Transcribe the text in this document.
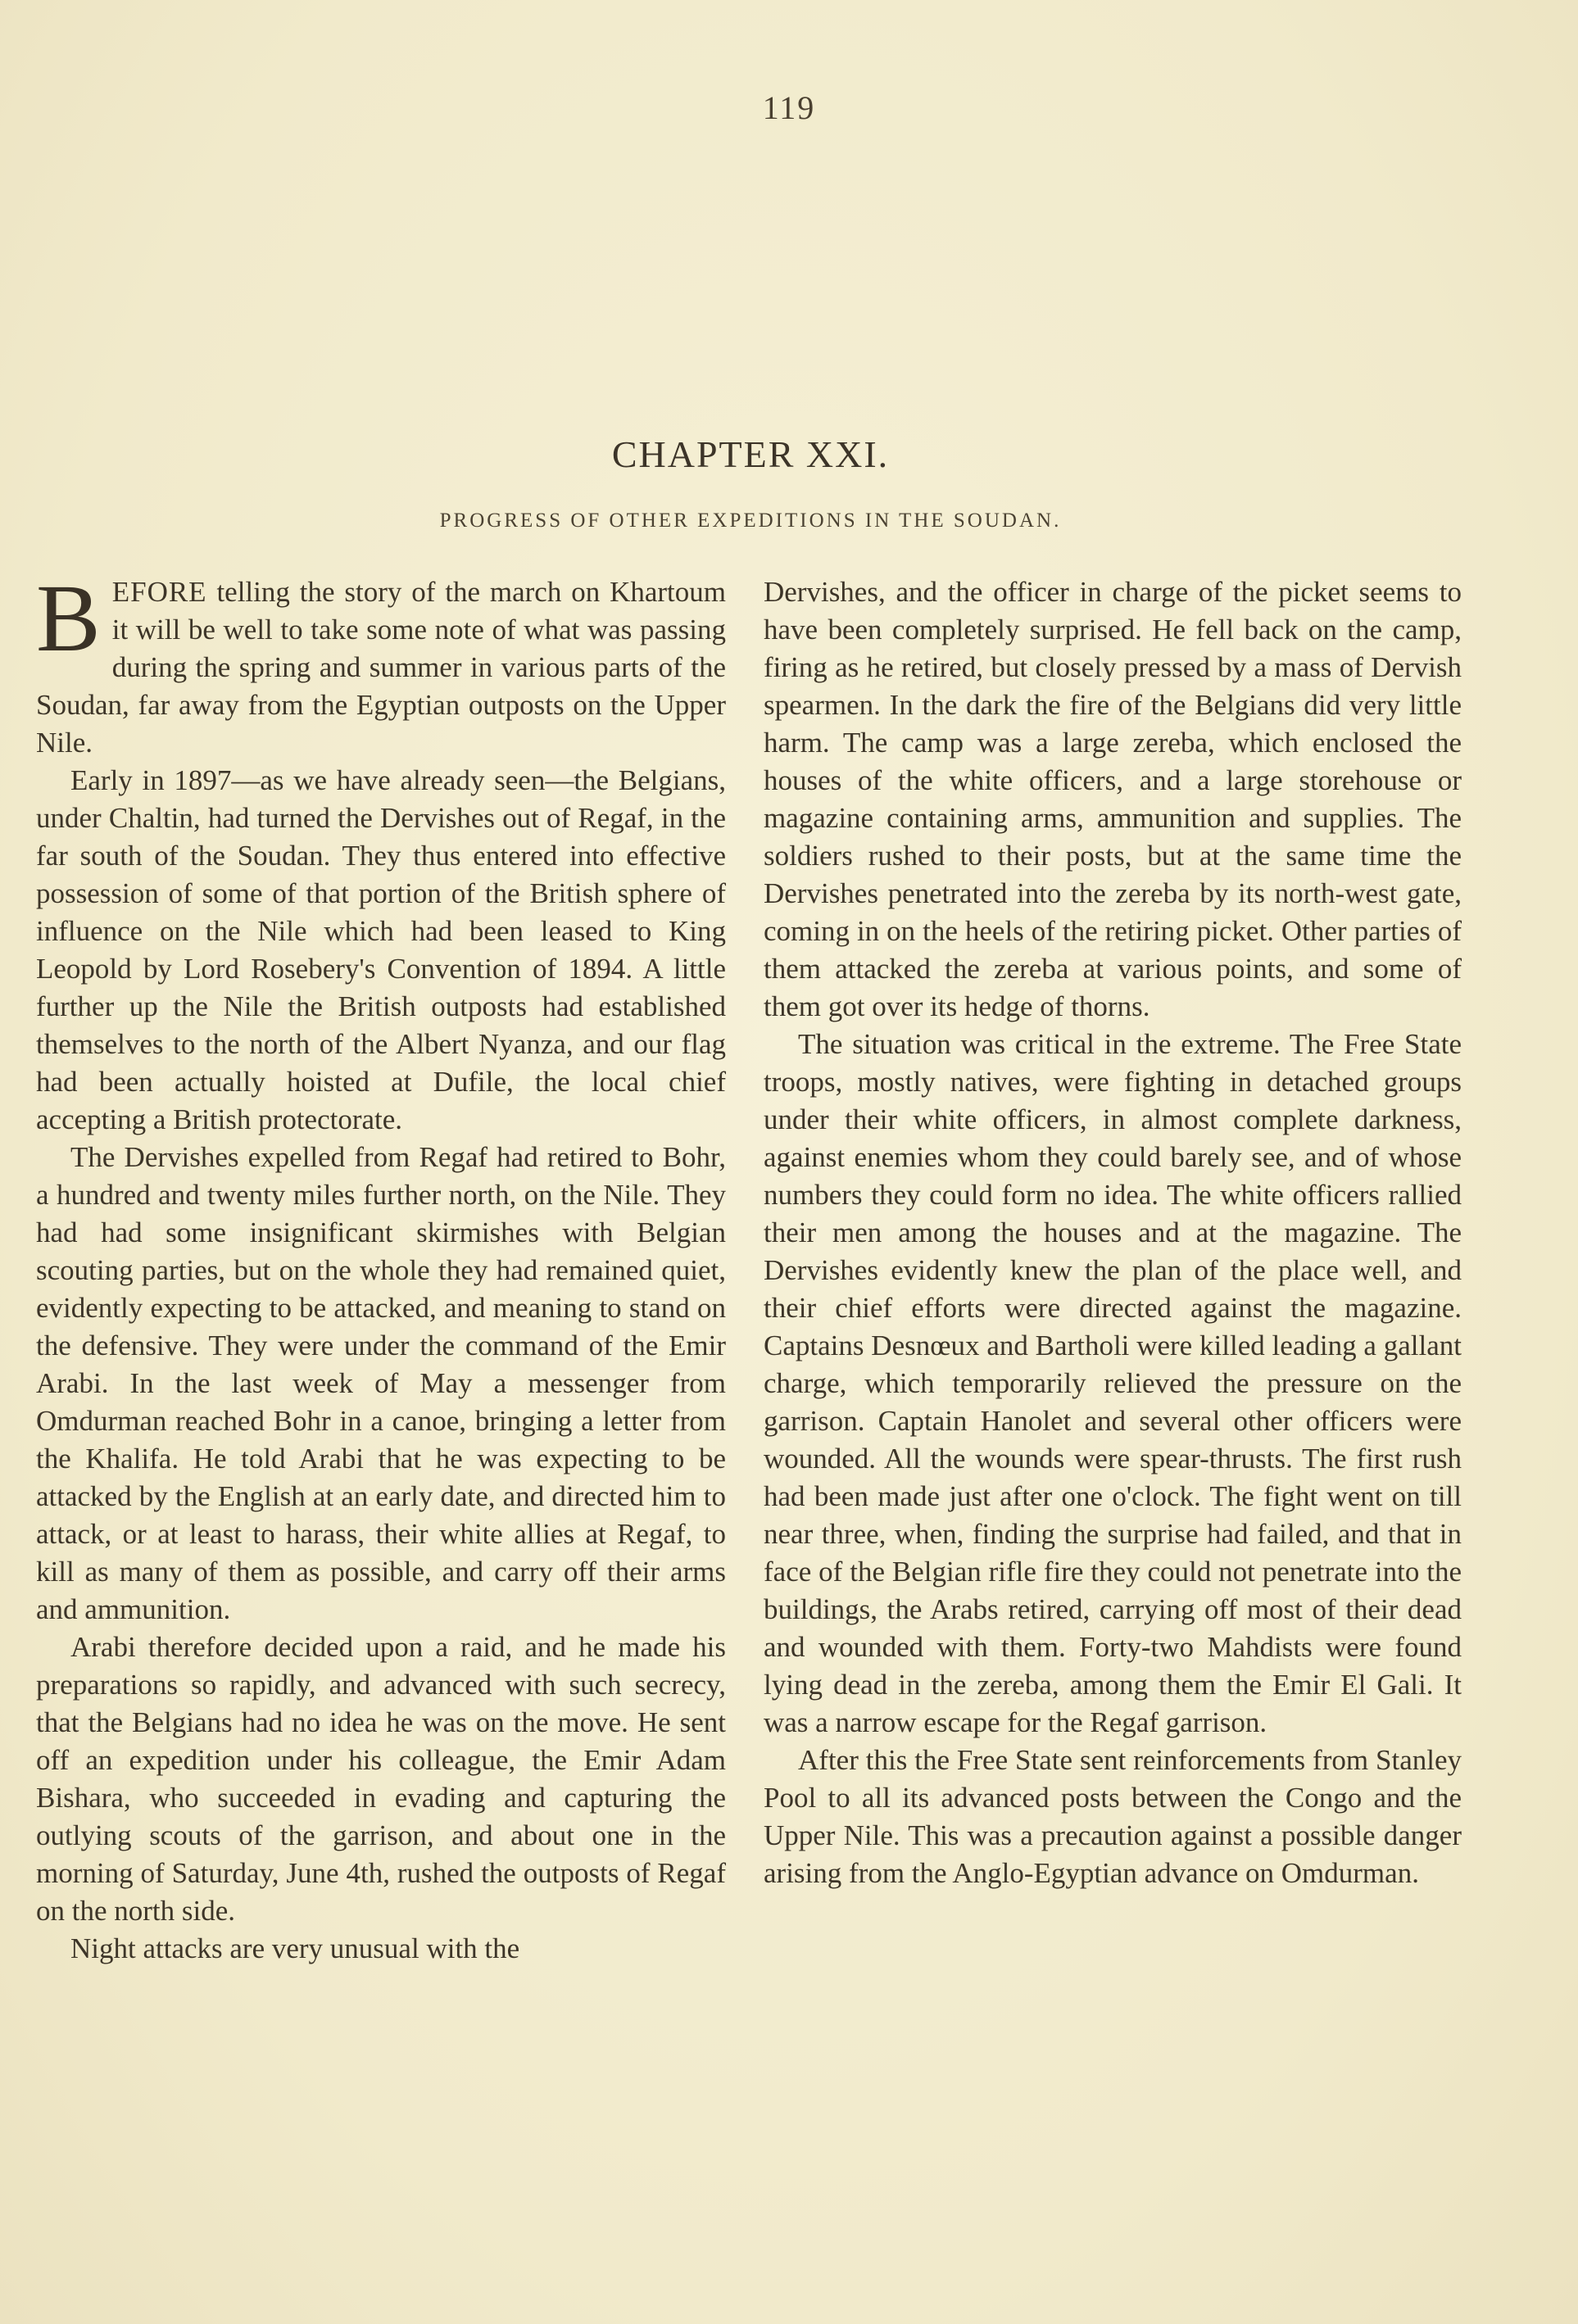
119
CHAPTER XXI.
PROGRESS OF OTHER EXPEDITIONS IN THE SOUDAN.

BEFORE telling the story of the march on Khartoum it will be well to take some note of what was passing during the spring and summer in various parts of the Soudan, far away from the Egyptian outposts on the Upper Nile.

Early in 1897—as we have already seen—the Belgians, under Chaltin, had turned the Dervishes out of Regaf, in the far south of the Soudan. They thus entered into effective possession of some of that portion of the British sphere of influence on the Nile which had been leased to King Leopold by Lord Rosebery's Convention of 1894. A little further up the Nile the British outposts had established themselves to the north of the Albert Nyanza, and our flag had been actually hoisted at Dufile, the local chief accepting a British protectorate.

The Dervishes expelled from Regaf had retired to Bohr, a hundred and twenty miles further north, on the Nile. They had had some insignificant skirmishes with Belgian scouting parties, but on the whole they had remained quiet, evidently expecting to be attacked, and meaning to stand on the defensive. They were under the command of the Emir Arabi. In the last week of May a messenger from Omdurman reached Bohr in a canoe, bringing a letter from the Khalifa. He told Arabi that he was expecting to be attacked by the English at an early date, and directed him to attack, or at least to harass, their white allies at Regaf, to kill as many of them as possible, and carry off their arms and ammunition.

Arabi therefore decided upon a raid, and he made his preparations so rapidly, and advanced with such secrecy, that the Belgians had no idea he was on the move. He sent off an expedition under his colleague, the Emir Adam Bishara, who succeeded in evading and capturing the outlying scouts of the garrison, and about one in the morning of Saturday, June 4th, rushed the outposts of Regaf on the north side.

Night attacks are very unusual with the

Dervishes, and the officer in charge of the picket seems to have been completely surprised. He fell back on the camp, firing as he retired, but closely pressed by a mass of Dervish spearmen. In the dark the fire of the Belgians did very little harm. The camp was a large zereba, which enclosed the houses of the white officers, and a large storehouse or magazine containing arms, ammunition and supplies. The soldiers rushed to their posts, but at the same time the Dervishes penetrated into the zereba by its north-west gate, coming in on the heels of the retiring picket. Other parties of them attacked the zereba at various points, and some of them got over its hedge of thorns.

The situation was critical in the extreme. The Free State troops, mostly natives, were fighting in detached groups under their white officers, in almost complete darkness, against enemies whom they could barely see, and of whose numbers they could form no idea. The white officers rallied their men among the houses and at the magazine. The Dervishes evidently knew the plan of the place well, and their chief efforts were directed against the magazine. Captains Desnœux and Bartholi were killed leading a gallant charge, which temporarily relieved the pressure on the garrison. Captain Hanolet and several other officers were wounded. All the wounds were spear-thrusts. The first rush had been made just after one o'clock. The fight went on till near three, when, finding the surprise had failed, and that in face of the Belgian rifle fire they could not penetrate into the buildings, the Arabs retired, carrying off most of their dead and wounded with them. Forty-two Mahdists were found lying dead in the zereba, among them the Emir El Gali. It was a narrow escape for the Regaf garrison.

After this the Free State sent reinforcements from Stanley Pool to all its advanced posts between the Congo and the Upper Nile. This was a precaution against a possible danger arising from the Anglo-Egyptian advance on Omdurman.
